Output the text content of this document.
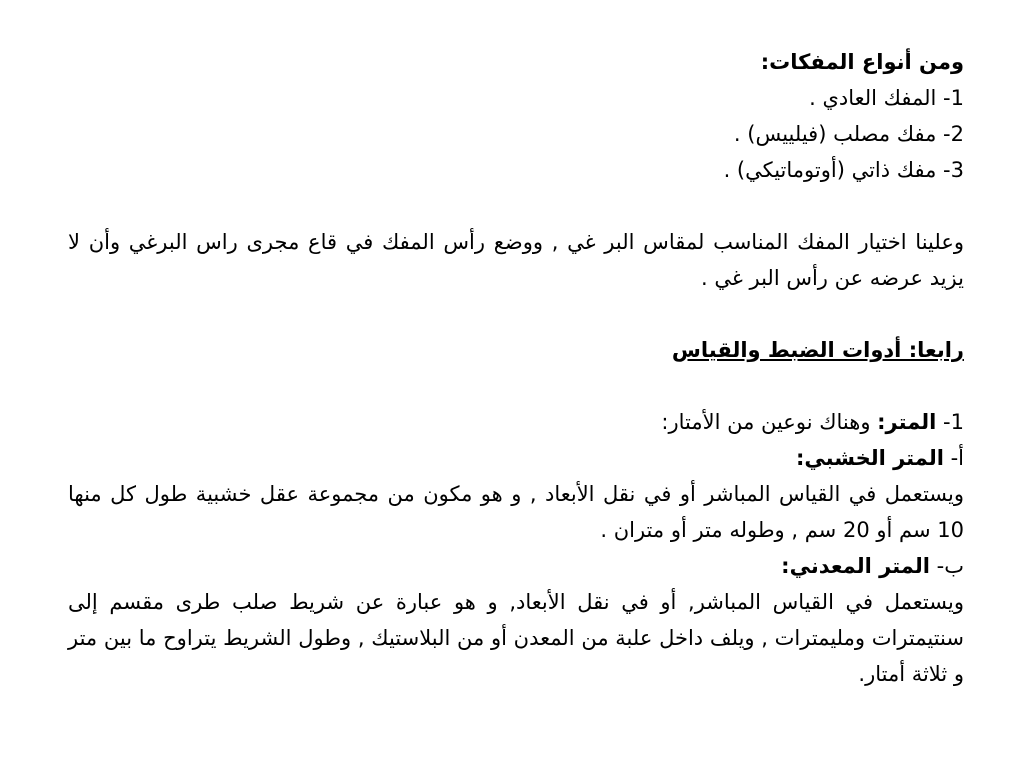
ومن أنواع المفكات:
1- المفك العادي .
2- مفك مصلب (فيلييس) .
3- مفك ذاتي (أوتوماتيكي) .
وعلينا اختيار المفك المناسب لمقاس البر غي , ووضع رأس المفك في قاع مجرى راس البرغي وأن لا يزيد عرضه عن رأس البر غي .
رابعا: أدوات الضبط والقياس
1- المتر: وهناك نوعين من الأمتار:
أ- المتر الخشبي:
ويستعمل في القياس المباشر أو في نقل الأبعاد , و هو مكون من مجموعة عقل خشبية طول كل منها 10 سم أو 20 سم , وطوله متر أو متران .
ب- المتر المعدني:
ويستعمل في القياس المباشر, أو في نقل الأبعاد, و هو عبارة عن شريط صلب طرى مقسم إلى سنتيمترات ومليمترات , ويلف داخل علبة من المعدن أو من البلاستيك , وطول الشريط يتراوح ما بين متر و ثلاثة أمتار.
